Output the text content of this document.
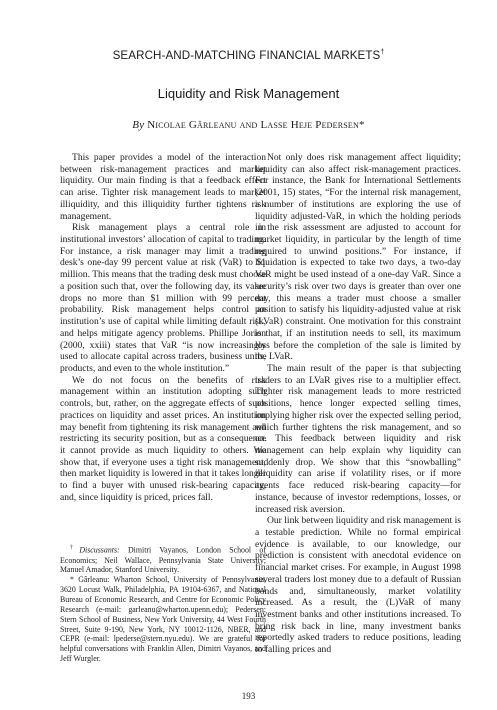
SEARCH-AND-MATCHING FINANCIAL MARKETS†
Liquidity and Risk Management
By Nicolae Gârleanu and Lasse Heje Pedersen*

This paper provides a model of the interaction between risk-management practices and market liquidity. Our main finding is that a feedback effect can arise. Tighter risk management leads to market illiquidity, and this illiquidity further tightens risk management.

Risk management plays a central role in institutional investors’ allocation of capital to trading. For instance, a risk manager may limit a trading desk’s one-day 99 percent value at risk (VaR) to $1 million. This means that the trading desk must choose a position such that, over the following day, its value drops no more than $1 million with 99 percent probability. Risk management helps control an institution’s use of capital while limiting default risk, and helps mitigate agency problems. Phillipe Jorion (2000, xxiii) states that VaR “is now increasingly used to allocate capital across traders, business units, products, and even to the whole institution.”

We do not focus on the benefits of risk management within an institution adopting such controls, but, rather, on the aggregate effects of such practices on liquidity and asset prices. An institution may benefit from tightening its risk management and restricting its security position, but as a consequence it cannot provide as much liquidity to others. We show that, if everyone uses a tight risk management, then market liquidity is lowered in that it takes longer to find a buyer with unused risk-bearing capacity, and, since liquidity is priced, prices fall.

Not only does risk management affect liquidity; liquidity can also affect risk-management practices. For instance, the Bank for International Settlements (2001, 15) states, “For the internal risk management, a number of institutions are exploring the use of liquidity adjusted-VaR, in which the holding periods in the risk assessment are adjusted to account for market liquidity, in particular by the length of time required to unwind positions.” For instance, if liquidation is expected to take two days, a two-day VaR might be used instead of a one-day VaR. Since a security’s risk over two days is greater than over one day, this means a trader must choose a smaller position to satisfy his liquidity-adjusted value at risk (LVaR) constraint. One motivation for this constraint is that, if an institution needs to sell, its maximum loss before the completion of the sale is limited by the LVaR.

The main result of the paper is that subjecting traders to an LVaR gives rise to a multiplier effect. Tighter risk management leads to more restricted positions, hence longer expected selling times, implying higher risk over the expected selling period, which further tightens the risk management, and so on. This feedback between liquidity and risk management can help explain why liquidity can suddenly drop. We show that this “snowballing” illiquidity can arise if volatility rises, or if more agents face reduced risk-bearing capacity—for instance, because of investor redemptions, losses, or increased risk aversion.

Our link between liquidity and risk management is a testable prediction. While no formal empirical evidence is available, to our knowledge, our prediction is consistent with anecdotal evidence on financial market crises. For example, in August 1998 several traders lost money due to a default of Russian bonds and, simultaneously, market volatility increased. As a result, the (L)VaR of many investment banks and other institutions increased. To bring risk back in line, many investment banks reportedly asked traders to reduce positions, leading to falling prices and

†Discussants: Dimitri Vayanos, London School of Economics; Neil Wallace, Pennsylvania State University; Manuel Amador, Stanford University.

* Gârleanu: Wharton School, University of Pennsylvania, 3620 Locust Walk, Philadelphia, PA 19104-6367, and National Bureau of Economic Research, and Centre for Economic Policy Research (e-mail: garleanu@wharton.upenn.edu); Pedersen: Stern School of Business, New York University, 44 West Fourth Street, Suite 9-190, New York, NY 10012-1126, NBER, and CEPR (e-mail: lpederse@stern.nyu.edu). We are grateful for helpful conversations with Franklin Allen, Dimitri Vayanos, and Jeff Wurgler.

193
